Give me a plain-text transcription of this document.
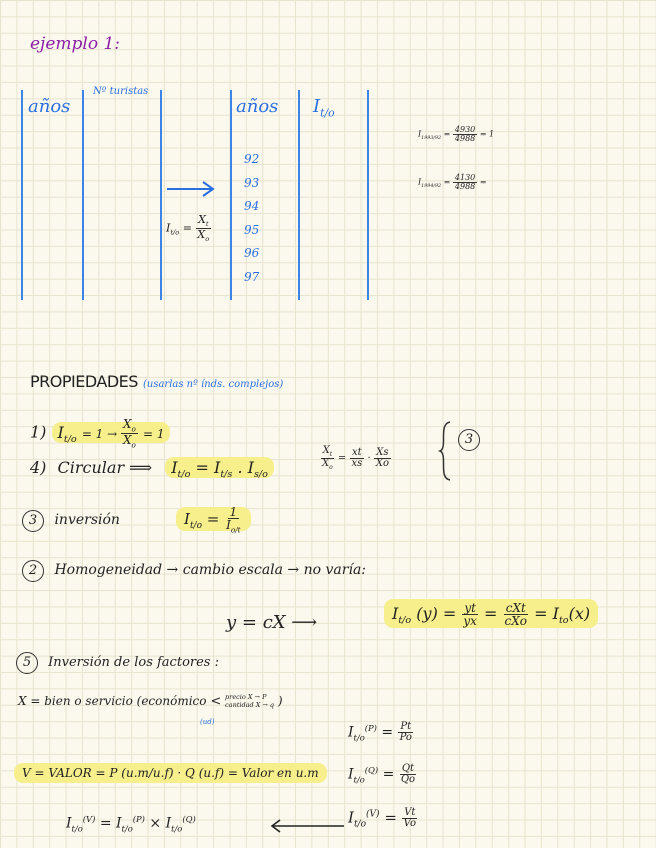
ejemplo 1:
años
Nº turistas
años $I_{t/o}$
92
93
94
95
96
97
$I_{t/o} = \frac{X_t}{X_o}$
$I_{1993/92} = \frac{4930}{4988} = 1$
$I_{1994/92} = \frac{4130}{4988}$ =
PROPIEDADES (usarlas nº índs. complejos)
1) $I_{t/o} = 1 \to \frac{X_o}{X_o} = 1$
4) Circular ⟹ $I_{t/o} = I_{t/s}$ . $I_{s/o}$
$\frac{X_t}{X_o} = \frac{xt}{xs} \cdot \frac{Xs}{Xo}$
3
3 inversión	$I_{t/o} = \frac{1}{I_{o/t}}$
2 Homogeneidad → cambio escala → no varía:
y = cX ⟶	$I_{t/o}$ $(y) = \frac{yt}{yx} = \frac{\text{cXt}}{\text{cXo}} = I_{to}(x)$
5 Inversión de los factores :
X = bien o servicio (económico < precio X → P
cantidad X → q )
(ud)
$I_{t/o}^{(P)} = \frac{Pt}{Po}$
V = VALOR = P (u.m/u.f) · Q (u.f) = Valor en u.m	$I_{t/o}^{(Q)} = \frac{Qt}{Qo}$
$I_{t/o}^{(V)} = I_{t/o}^{(P)} \times I_{t/o}^{(Q)}$	$I_{t/o}^{(V)} = \frac{Vt}{Vo}$
